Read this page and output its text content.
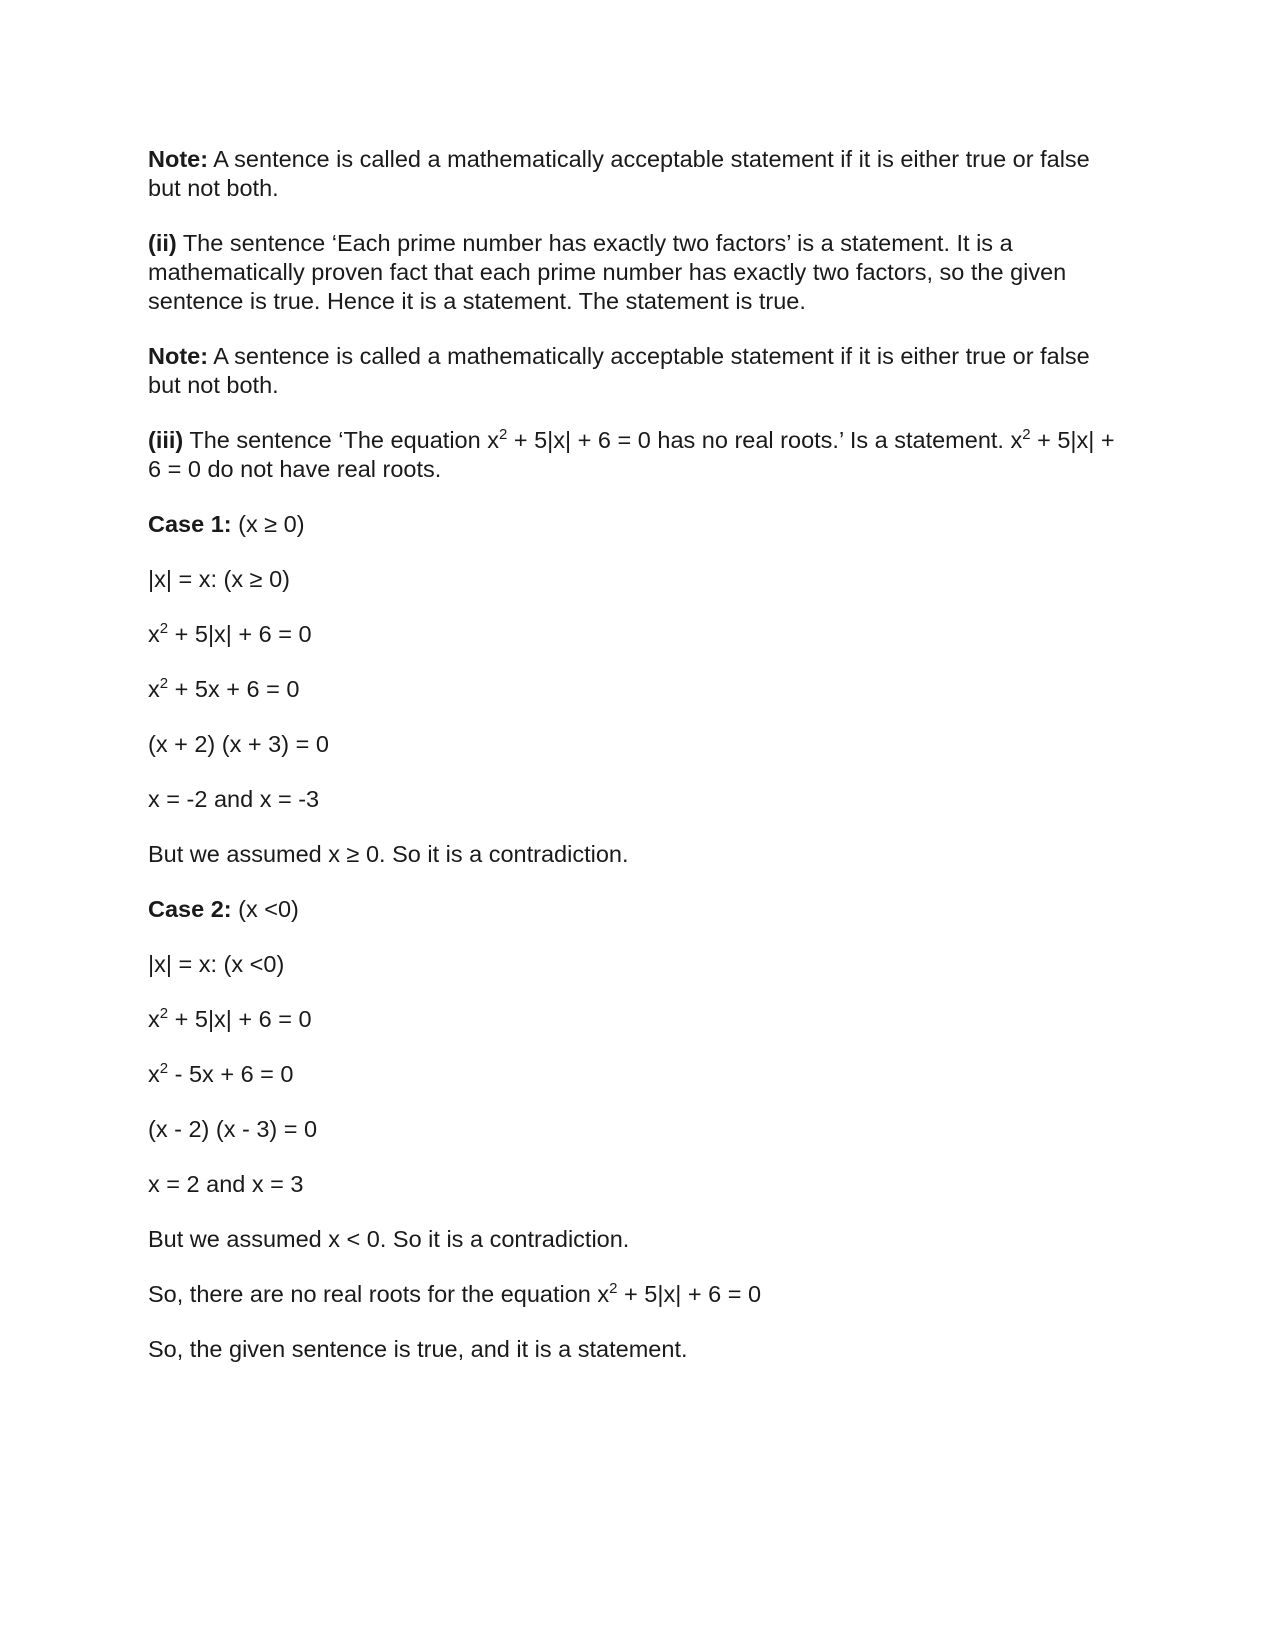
Note: A sentence is called a mathematically acceptable statement if it is either true or false but not both.

(ii) The sentence ‘Each prime number has exactly two factors’ is a statement. It is a mathematically proven fact that each prime number has exactly two factors, so the given sentence is true. Hence it is a statement. The statement is true.

Note: A sentence is called a mathematically acceptable statement if it is either true or false but not both.

(iii) The sentence ‘The equation $x^2 + 5|x| + 6 = 0$ has no real roots.’ Is a statement. $x^2 + 5|x| + 6 = 0$ do not have real roots.

Case 1: (x ≥ 0)

|x| = x: (x ≥ 0)

$x^2 + 5|x| + 6 = 0$

$x^2 + 5x + 6 = 0$

(x + 2) (x + 3) = 0

x = -2 and x = -3

But we assumed x ≥ 0. So it is a contradiction.

Case 2: (x <0)

|x| = x: (x <0)

$x^2 + 5|x| + 6 = 0$

$x^2 - 5x + 6 = 0$

(x - 2) (x - 3) = 0

x = 2 and x = 3

But we assumed x < 0. So it is a contradiction.

So, there are no real roots for the equation $x^2 + 5|x| + 6 = 0$

So, the given sentence is true, and it is a statement.
